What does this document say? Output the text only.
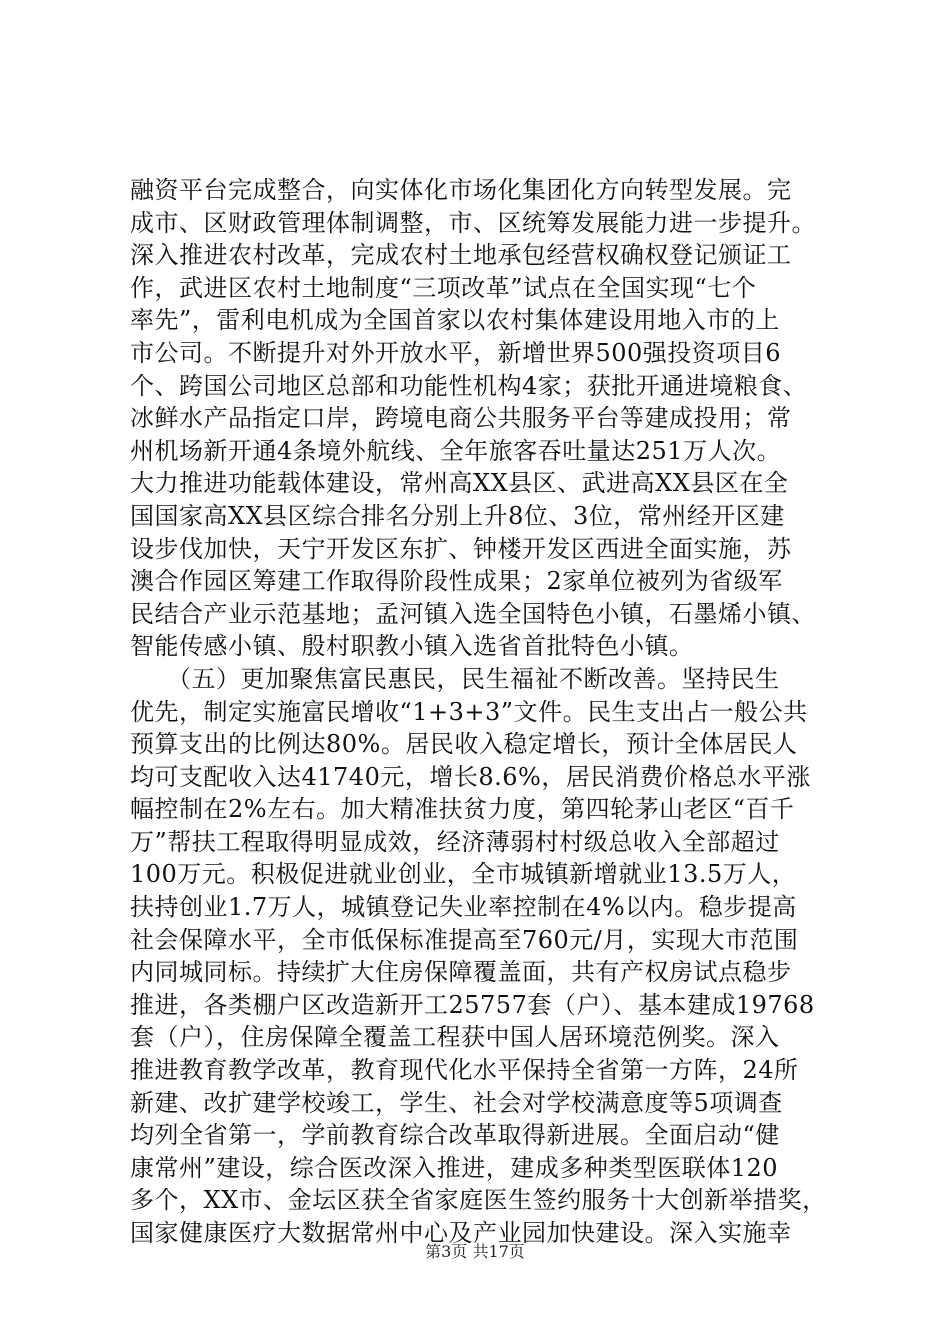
融资平台完成整合，向实体化市场化集团化方向转型发展。完
成市、区财政管理体制调整，市、区统筹发展能力进一步提升。
深入推进农村改革，完成农村土地承包经营权确权登记颁证工
作，武进区农村土地制度“三项改革”试点在全国实现“七个
率先”，雷利电机成为全国首家以农村集体建设用地入市的上
市公司。不断提升对外开放水平，新增世界500强投资项目6
个、跨国公司地区总部和功能性机构4家；获批开通进境粮食、
冰鲜水产品指定口岸，跨境电商公共服务平台等建成投用；常
州机场新开通4条境外航线、全年旅客吞吐量达251万人次。
大力推进功能载体建设，常州高XX县区、武进高XX县区在全
国国家高XX县区综合排名分别上升8位、3位，常州经开区建
设步伐加快，天宁开发区东扩、钟楼开发区西进全面实施，苏
澳合作园区筹建工作取得阶段性成果；2家单位被列为省级军
民结合产业示范基地；孟河镇入选全国特色小镇，石墨烯小镇、
智能传感小镇、殷村职教小镇入选省首批特色小镇。
　　（五）更加聚焦富民惠民，民生福祉不断改善。坚持民生
优先，制定实施富民增收“1+3+3”文件。民生支出占一般公共
预算支出的比例达80%。居民收入稳定增长，预计全体居民人
均可支配收入达41740元，增长8.6%，居民消费价格总水平涨
幅控制在2%左右。加大精准扶贫力度，第四轮茅山老区“百千
万”帮扶工程取得明显成效，经济薄弱村村级总收入全部超过
100万元。积极促进就业创业，全市城镇新增就业13.5万人，
扶持创业1.7万人，城镇登记失业率控制在4%以内。稳步提高
社会保障水平，全市低保标准提高至760元/月，实现大市范围
内同城同标。持续扩大住房保障覆盖面，共有产权房试点稳步
推进，各类棚户区改造新开工25757套（户）、基本建成19768
套（户），住房保障全覆盖工程获中国人居环境范例奖。深入
推进教育教学改革，教育现代化水平保持全省第一方阵，24所
新建、改扩建学校竣工，学生、社会对学校满意度等5项调查
均列全省第一，学前教育综合改革取得新进展。全面启动“健
康常州”建设，综合医改深入推进，建成多种类型医联体120
多个，XX市、金坛区获全省家庭医生签约服务十大创新举措奖，
国家健康医疗大数据常州中心及产业园加快建设。深入实施幸
第3页 共17页
